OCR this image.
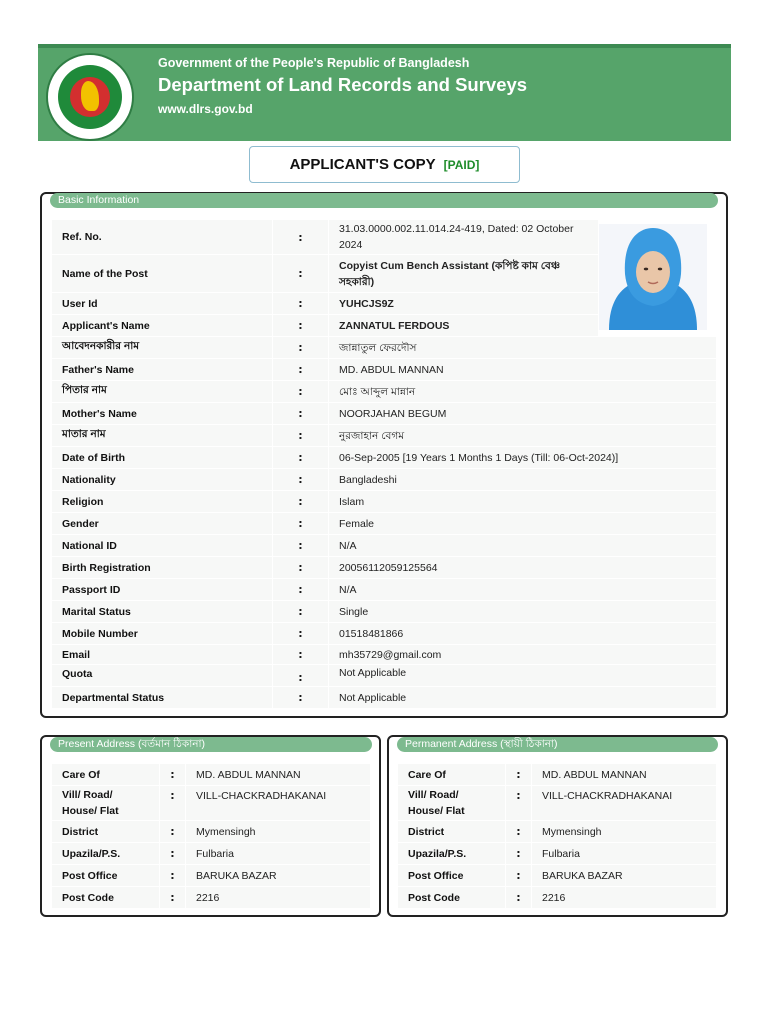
Government of the People's Republic of Bangladesh
Department of Land Records and Surveys
www.dlrs.gov.bd
APPLICANT'S COPY [PAID]
Basic Information
Ref. No.	:
31.03.0000.002.11.014.24-419, Dated: 02 October
2024
Name of the Post	:
Copyist Cum Bench Assistant (কপিষ্ট কাম বেঞ্চ
সহকারী)
User Id	:	YUHCJS9Z
Applicant's Name	:	ZANNATUL FERDOUS
আবেদনকারীর নাম	:	জান্নাতুল ফেরদৌস
Father's Name	:	MD. ABDUL MANNAN
পিতার নাম	:	মোঃ আব্দুল মান্নান
Mother's Name	:	NOORJAHAN BEGUM
মাতার নাম	:	নুরজাহান বেগম
Date of Birth	:	06-Sep-2005 [19 Years 1 Months 1 Days (Till: 06-Oct-2024)]
Nationality	:	Bangladeshi
Religion	:	Islam
Gender	:	Female
National ID	:	N/A
Birth Registration	:	20056112059125564
Passport ID	:	N/A
Marital Status	:	Single
Mobile Number	:	01518481866
Email	:	mh35729@gmail.com
Quota	:	Not Applicable
Departmental Status	:	Not Applicable
Present Address (বর্তমান ঠিকানা)
Care Of	:	MD. ABDUL MANNAN
Vill/ Road/
House/ Flat
:	VILL-CHACKRADHAKANAI
District	:	Mymensingh
Upazila/P.S.	:	Fulbaria
Post Office	:	BARUKA BAZAR
Post Code	:	2216
Permanent Address (স্থায়ী ঠিকানা)
Care Of	:	MD. ABDUL MANNAN
Vill/ Road/
House/ Flat
:	VILL-CHACKRADHAKANAI
District	:	Mymensingh
Upazila/P.S.	:	Fulbaria
Post Office	:	BARUKA BAZAR
Post Code	:	2216
